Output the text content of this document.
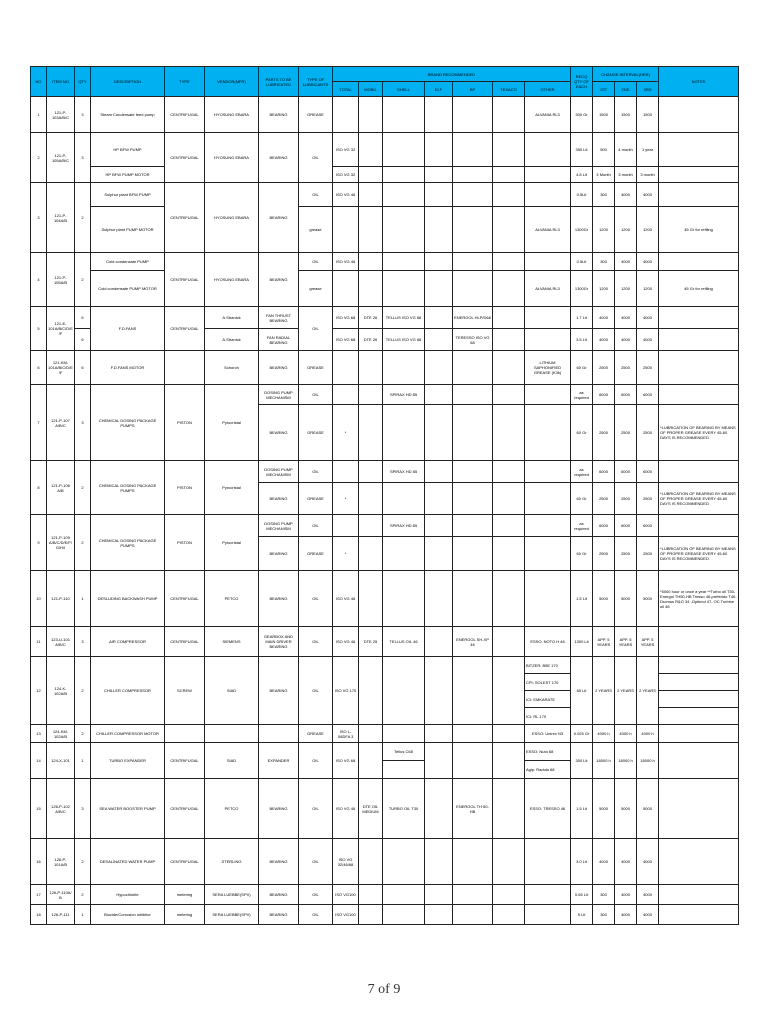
NO	ITEM NO	QTY	DESCRIPTION	TYPE	VENDOR(MFR)	PARTS TO BE LUBRICATED	TYPE OF LUBRICANTS	BRAND RECOMMENDED							RECQ QTY OF EACH	CHANGE INTERVAL(HRS)			NOTES
								TOTAL	MOBIL	SHELL	ELF	BP	TEXACO	OTHER		1ST	2ND	3RD	
1	121-P-103A/B/C	3	Steam Condensate feed pump	CENTRIFUGAL	HYOSUNG EBARA	BEARING	GREASE							ALVANIA RL3	300 Gr	1500	1500	1500	
2	121-P-105A/B/C	3	HP BFW PUMP	CENTRIFUGAL	HYOSUNG EBARA	BEARING	OIL	ISO VG 32							350 Lit	500	4 month	1 year	
			HP BFW PUMP MOTOR					ISO VG 32							4.8 Lit	3 Month	3 month	3 month	
3	121-P-104A/B	2	Sulphur plant BFW PUMP	CENTRIFUGAL	HYOSUNG EBARA	BEARING	OIL	ISO VG 46							0.5Lit	300	4000	4000	
			Sulphur plant PUMP MOTOR				grease							ALVANIA RL3	1300Gr	1200	1200	1200	45 Gr for refiling
4	121-P-105A/B	2	Cold condensate PUMP	CENTRIFUGAL	HYOSUNG EBARA	BEARING	OIL	ISO VG 46							0.5Lit	300	4000	4000	
			Cold condensate PUMP MOTOR				grease							ALVANIA RL3	1300Gr	1200	1200	1200	45 Gr for refiling
5	121-E-101A/B/C/D/E/F	6	F.D.FANS	CENTRIFUGAL	A.Stranick	FAN THRUST BEARING	OIL	ISO VG 68	DTE 26	TELLUS ISO VG 68		ENERGOL HLP/D68			1.7 Lit	4000	4000	4000	
		6			A.Stranick	FAN RADIAL BEARING		ISO VG 68	DTE 26	TELLUS ISO VG 68		TERESSO ISO VG 68			3.5 Lit	4000	4000	4000	
6	121-KM-101A/B/C/D/E/F	6	F.D.FANS MOTOR		Schorch	BEARING	GREASE							LITHIUM SAPHONIFIED GREASE (K3k)	60 Gr	2500	2500	2500	
7	121-P-107 A/B/C	3	CHEMICAL DOSING PACKAGE PUMPS	PISTON	Pyrocristal	DOSING PUMP MECHANISM	OIL			SPIRAX HD 85					as required	6000	6000	6000	
						BEARING	GREASE	*							60 Gr	2500	2500	2500	*LUBRICATION OF BEARING BY MEANS OF PROPER GREASE EVERY 45-60 DAYS IS RECOMMENDED
8	121-P-108 A/B	2	CHEMICAL DOSING PACKAGE PUMPS	PISTON	Pyrocristal	DOSING PUMP MECHANISM	OIL			SPIRAX HD 85					as required	6000	6000	6000	
						BEARING	GREASE	*							60 Gr	2500	2500	2500	*LUBRICATION OF BEARING BY MEANS OF PROPER GREASE EVERY 45-60 DAYS IS RECOMMENDED
9	121-P-109 A/B/C/D/E/F/G/H/I	2	CHEMICAL DOSING PACKAGE PUMPS	PISTON	Pyrocristal	DOSING PUMP MECHANISM	OIL			SPIRAX HD 85					as required	6000	6000	6000	
						BEARING	GREASE	*							60 Gr	2500	2500	2500	*LUBRICATION OF BEARING BY MEANS OF PROPER GREASE EVERY 45-60 DAYS IS RECOMMENDED
10	121-P-110	1	DESLUDING BACKWASH PUMP	CENTRIFUGAL	PETCO	BEARING	OIL	ISO VG 46							1.5 Lit	5000	5000	5000	*5000 hour or once a year **Turbo oil T30-Energol TH50-HB Tresso 46-preferido T40-Dromus R&O 34 -Optimol 47- OC Turbine oil 46
11	123-U-101 A/B/C	3	AIR COMPRESSOR	CENTRIFUGAL	SIEMENS	GEARBOX AND MAIN DRIVER BEARING	OIL	ISO VG 46	DTE 25	TELLUS OIL 46		ENERGOL SH-XP 46		ESSO: NOTO H 46	1300 Lit	APP. 5 YEARS	APP. 5 YEARS	APP. 5 YEARS	
12	124-K-102A/B	2	CHILLER COMPRESSOR	SCREW	SIAD	BEARING	OIL	ISO VG 170						BITZER: B5E 170	65 Lit	2 YEARS	2 YEARS	2 YEARS	
														CPI: SOLEST 170					
														ICI: EMKARATE					
														ICI: RL 170					
13	124-KM-102A/B	2	CHILLER COMPRESSOR MOTOR				GREASE	ISO L-X8DFA 3						ESSO: Unirex N3	0.025 Gr	4000 h	4000 h	4000 h	
14	124-X-101	1	TURBO EXPANDER	CENTRIFUGAL	SIAD	EXPANDER	OIL	ISO VG 68		Tellus C68				ESSO: Nuto 68	300 Lit	18000 h	18000 h	18000 h	
														Agip: Radula 68					
15	126-P-102 A/B/C	3	SEA WATER BOOSTER PUMP	CENTRIFUGAL	PETCO	BEARING	OIL	ISO VG 46	DTE OIL MEDIUM	TURBO OIL T30		ENERGOL TH 50-HB		ESSO: TRESSO 46	1.5 Lit	5000	5000	5000	
16	126-P-101A/B	2	DESALINATED WATER PUMP	CENTRIFUGAL	STERLING	BEARING	OIL	ISO VG 32/46/68							3.0 Lit	4000	4000	4000	
17	126-P-110A/ B	2	Hypochlorite	metering	SERA LUEBBE(SPX)	BEARING	OIL	ISO VG100							0.65 Lit	300	4000	4000	
18	126-P-111	1	Biocide/Corrosion inhibitor	metering	SERA LUEBBE(SPX)	BEARING	OIL	ISO VG100							5 Lit	300	4000	4000	
7 of 9
